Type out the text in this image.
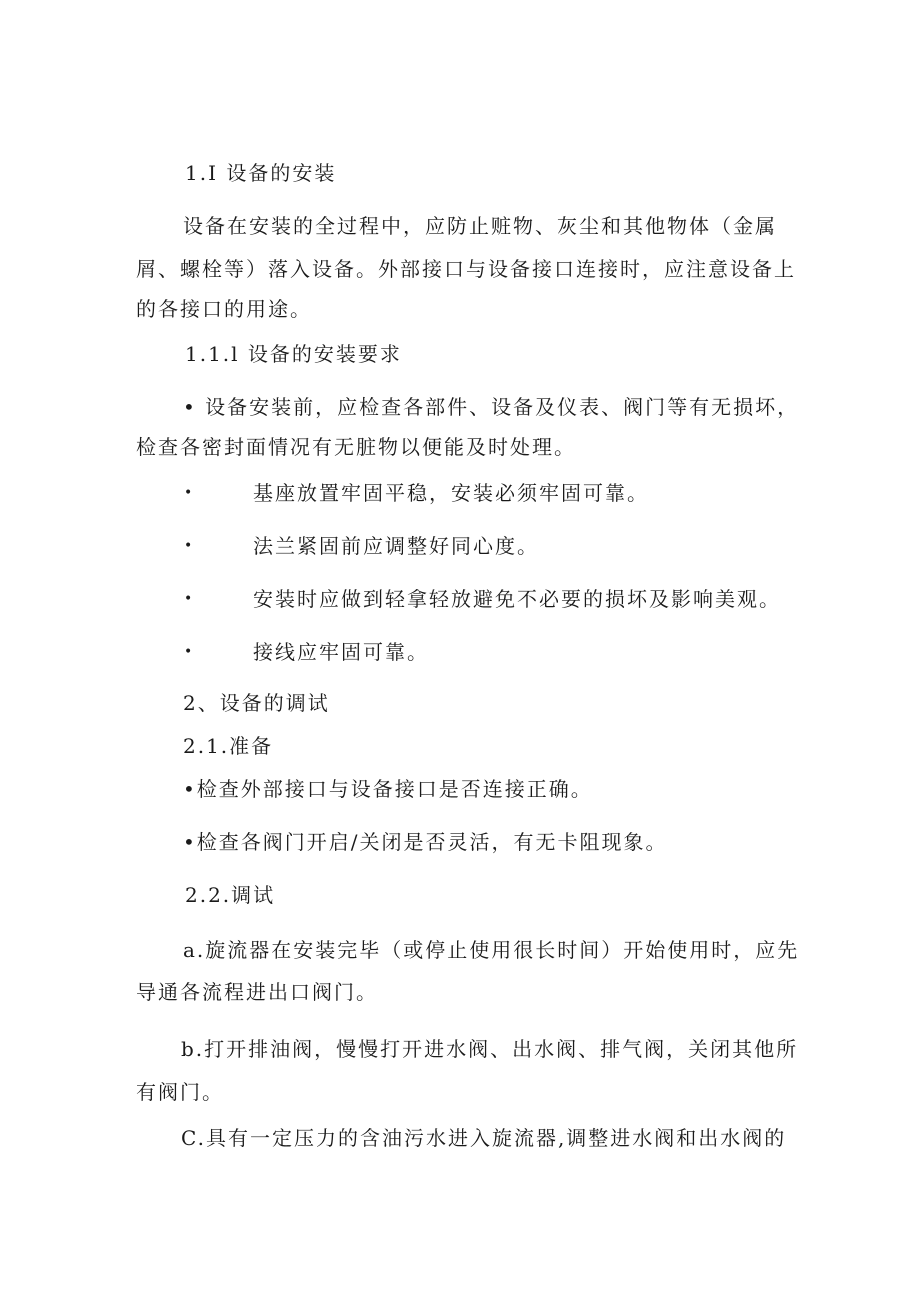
1.I 设备的安装
设备在安装的全过程中，应防止赃物、灰尘和其他物体（金属
屑、螺栓等）落入设备。外部接口与设备接口连接时，应注意设备上
的各接口的用途。
1.1.l 设备的安装要求
• 设备安装前，应检查各部件、设备及仪表、阀门等有无损坏，
检查各密封面情况有无脏物以便能及时处理。
•	基座放置牢固平稳，安装必须牢固可靠。
•	法兰紧固前应调整好同心度。
•	安装时应做到轻拿轻放避免不必要的损坏及影响美观。
•	接线应牢固可靠。
2、设备的调试
2.1.准备
•检查外部接口与设备接口是否连接正确。
•检查各阀门开启/关闭是否灵活，有无卡阻现象。
2.2.调试
a.旋流器在安装完毕（或停止使用很长时间）开始使用时，应先
导通各流程进出口阀门。
b.打开排油阀，慢慢打开进水阀、出水阀、排气阀，关闭其他所
有阀门。
C.具有一定压力的含油污水进入旋流器,调整进水阀和出水阀的
